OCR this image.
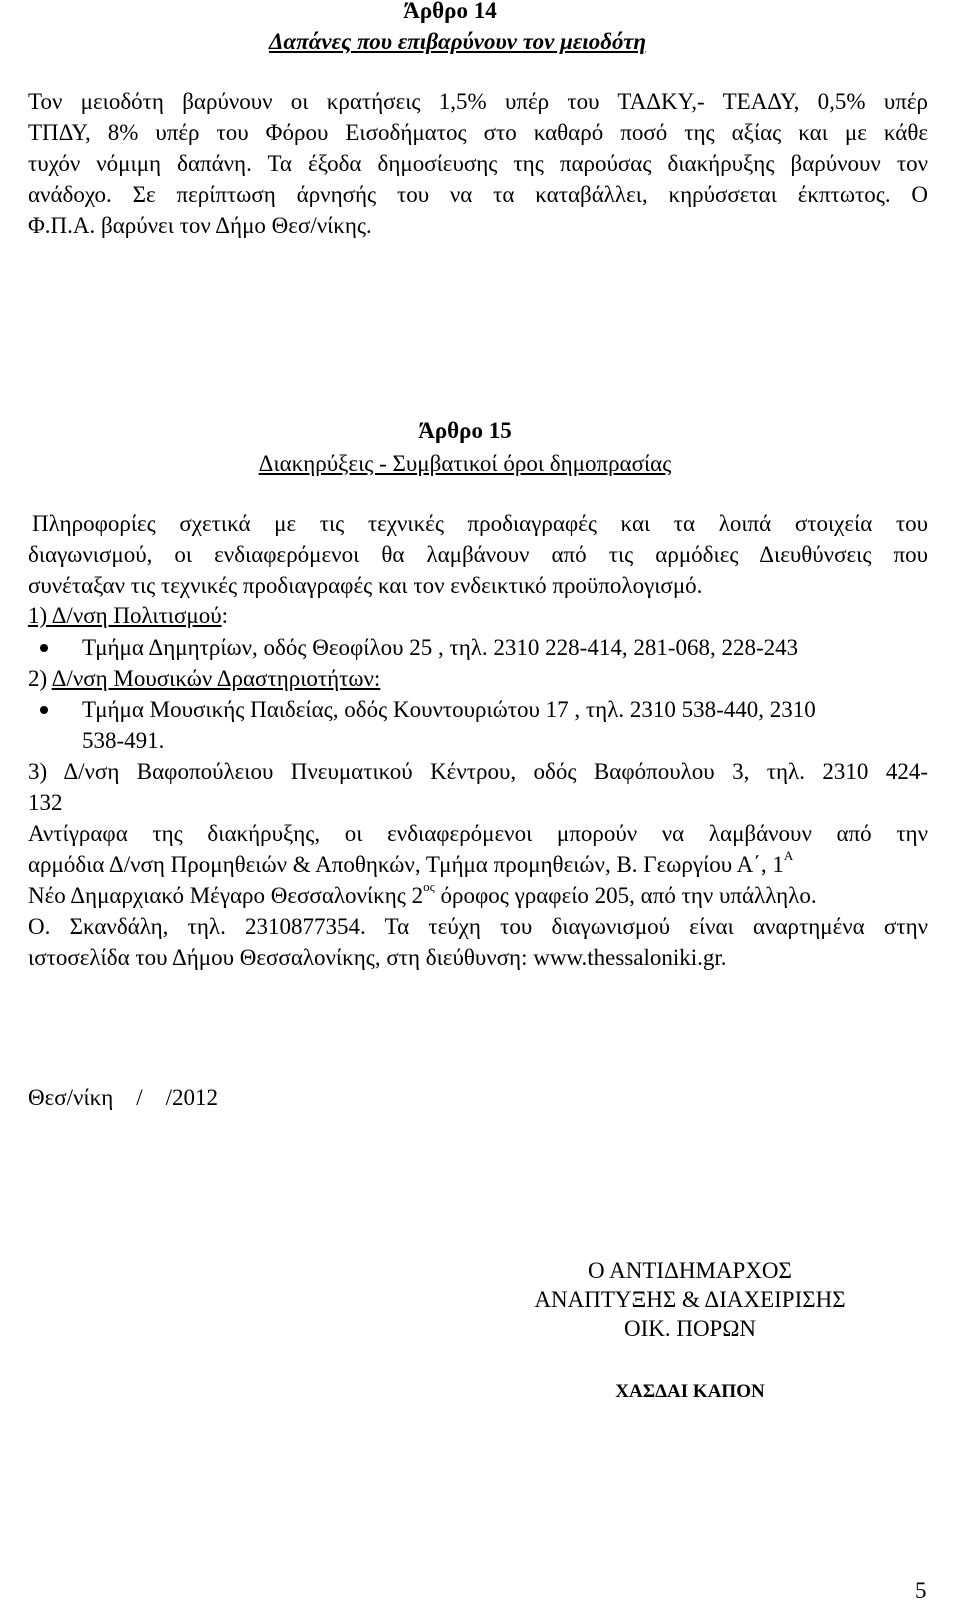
Άρθρο 14
Δαπάνες που επιβαρύνουν τον μειοδότη
Τον μειοδότη βαρύνουν οι κρατήσεις 1,5% υπέρ του ΤΑΔΚΥ,- ΤΕΑΔΥ, 0,5% υπέρ
ΤΠΔΥ, 8% υπέρ του Φόρου Εισοδήματος στο καθαρό ποσό της αξίας και με κάθε
τυχόν νόμιμη δαπάνη. Τα έξοδα δημοσίευσης της παρούσας διακήρυξης βαρύνουν τον
ανάδοχο. Σε περίπτωση άρνησής του να τα καταβάλλει, κηρύσσεται έκπτωτος. Ο
Φ.Π.Α. βαρύνει τον Δήμο Θεσ/νίκης.
Άρθρο 15
Διακηρύξεις - Συμβατικοί όροι δημοπρασίας
Πληροφορίες σχετικά με τις τεχνικές προδιαγραφές και τα λοιπά στοιχεία του
διαγωνισμού, οι ενδιαφερόμενοι θα λαμβάνουν από τις αρμόδιες Διευθύνσεις που
συνέταξαν τις τεχνικές προδιαγραφές και τον ενδεικτικό προϋπολογισμό.
1) Δ/νση Πολιτισμού:
Τμήμα Δημητρίων, οδός Θεοφίλου 25 , τηλ. 2310 228-414, 281-068, 228-243
2) Δ/νση Μουσικών Δραστηριοτήτων:
Τμήμα Μουσικής Παιδείας, οδός Κουντουριώτου 17 , τηλ. 2310 538-440, 2310
538-491.
3) Δ/νση Βαφοπούλειου Πνευματικού Κέντρου, οδός Βαφόπουλου 3, τηλ. 2310 424-
132
Αντίγραφα της διακήρυξης, οι ενδιαφερόμενοι μπορούν να λαμβάνουν από την
αρμόδια Δ/νση Προμηθειών & Αποθηκών, Τμήμα προμηθειών, Β. Γεωργίου Α΄, $1^A$
Νέο Δημαρχιακό Μέγαρο Θεσσαλονίκης $2^{o\varsigma}$ όροφος γραφείο 205, από την υπάλληλο.
Ο. Σκανδάλη, τηλ. 2310877354. Τα τεύχη του διαγωνισμού είναι αναρτημένα στην
ιστοσελίδα του Δήμου Θεσσαλονίκης, στη διεύθυνση: www.thessaloniki.gr.
Θεσ/νίκη    /    /2012
Ο ΑΝΤΙΔΗΜΑΡΧΟΣ
ΑΝΑΠΤΥΞΗΣ & ΔΙΑΧΕΙΡΙΣΗΣ
ΟΙΚ. ΠΟΡΩΝ
ΧΑΣΔΑΙ ΚΑΠΟΝ
5
